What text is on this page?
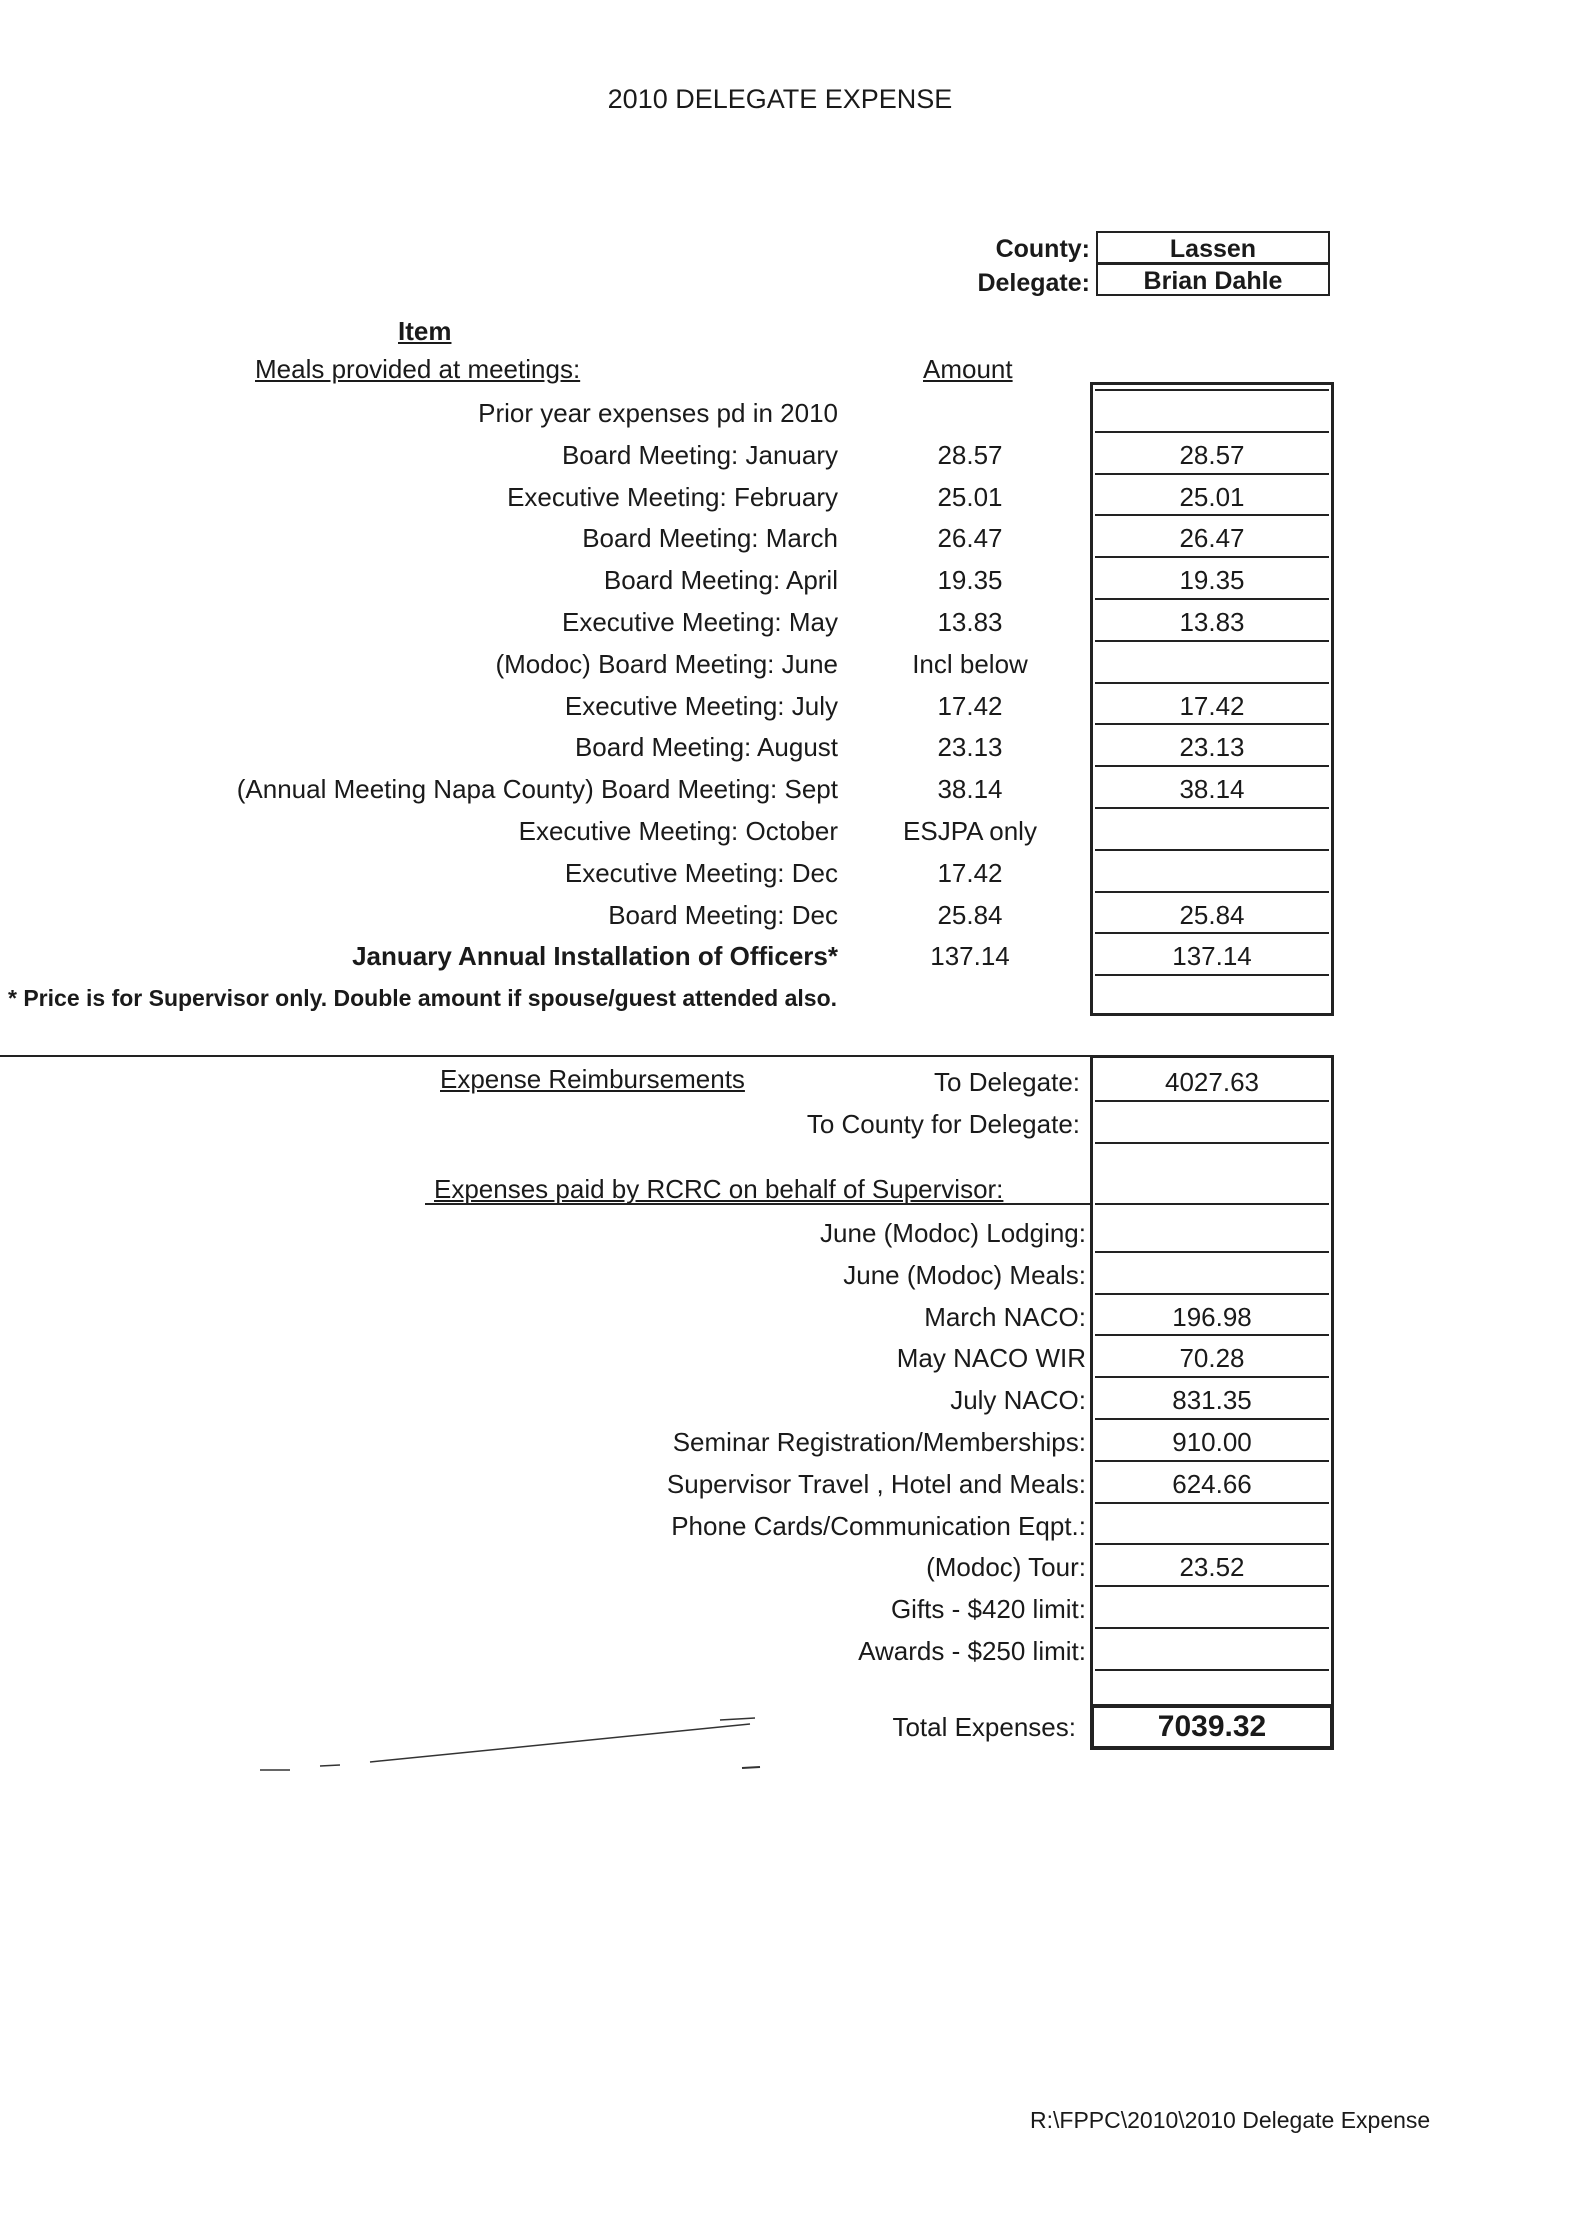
2010 DELEGATE EXPENSE
County:	Lassen
Delegate:	Brian Dahle
Item
Meals provided at meetings:	Amount
Prior year expenses pd in 2010
Board Meeting: January	28.57	28.57
Executive Meeting: February	25.01	25.01
Board Meeting: March	26.47	26.47
Board Meeting: April	19.35	19.35
Executive Meeting: May	13.83	13.83
(Modoc) Board Meeting: June	Incl below
Executive Meeting: July	17.42	17.42
Board Meeting: August	23.13	23.13
(Annual Meeting Napa County) Board Meeting: Sept	38.14	38.14
Executive Meeting: October	ESJPA only
Executive Meeting: Dec	17.42
Board Meeting: Dec	25.84	25.84
January Annual Installation of Officers*	137.14	137.14
* Price is for Supervisor only. Double amount if spouse/guest attended also.
Expense Reimbursements	To Delegate:	4027.63
To County for Delegate:
Expenses paid by RCRC on behalf of Supervisor:
June (Modoc) Lodging:
June (Modoc) Meals:
March NACO:	196.98
May NACO WIR	70.28
July NACO:	831.35
Seminar Registration/Memberships:	910.00
Supervisor Travel , Hotel and Meals:	624.66
Phone Cards/Communication Eqpt.:
(Modoc) Tour:	23.52
Gifts - $420 limit:
Awards - $250 limit:
Total Expenses:	7039.32
R:\FPPC\2010\2010 Delegate Expense
